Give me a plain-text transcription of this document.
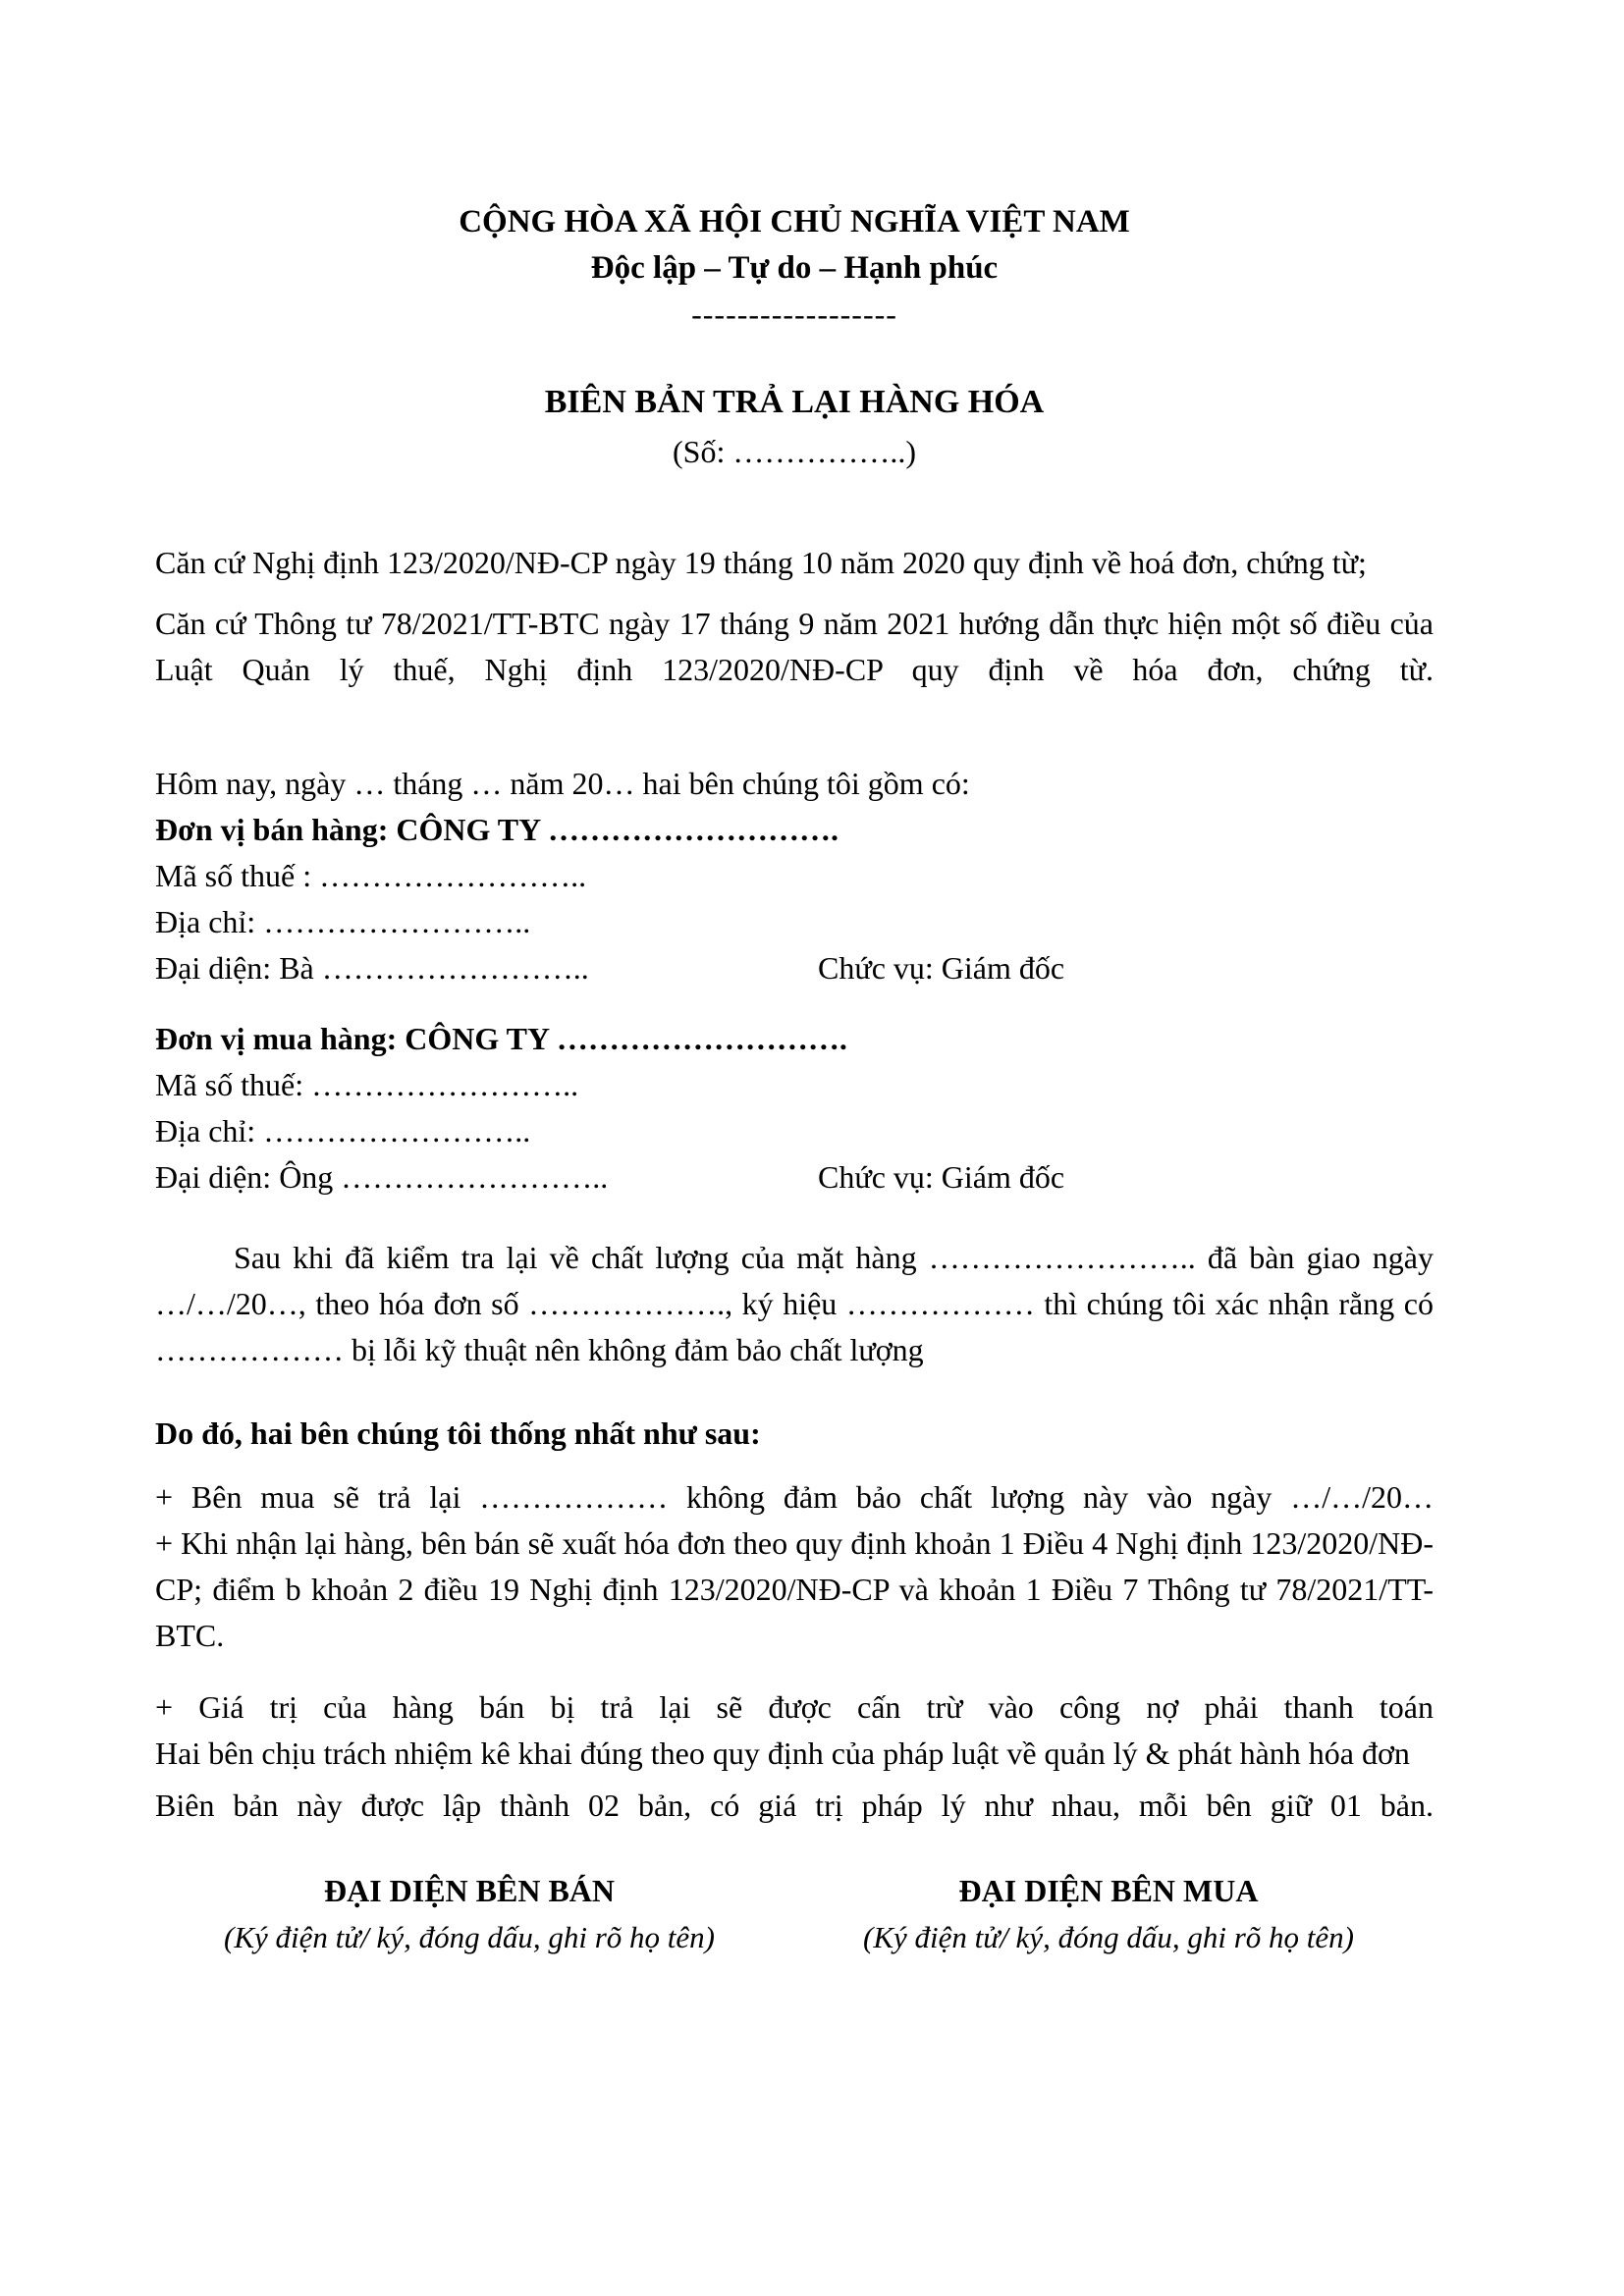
CỘNG HÒA XÃ HỘI CHỦ NGHĨA VIỆT NAM
Độc lập – Tự do – Hạnh phúc
------------------
BIÊN BẢN TRẢ LẠI HÀNG HÓA
(Số: ……………..)

Căn cứ Nghị định 123/2020/NĐ-CP ngày 19 tháng 10 năm 2020 quy định về hoá đơn, chứng từ;

Căn cứ Thông tư 78/2021/TT-BTC ngày 17 tháng 9 năm 2021 hướng dẫn thực hiện một số điều của Luật Quản lý thuế, Nghị định 123/2020/NĐ-CP quy định về hóa đơn, chứng từ.

Hôm nay, ngày … tháng … năm 20… hai bên chúng tôi gồm có:
Đơn vị bán hàng: CÔNG TY ……………………….
Mã số thuế : ……………………..
Địa chỉ: ……………………..
Đại diện: Bà ……………………..	Chức vụ: Giám đốc
Đơn vị mua hàng: CÔNG TY ……………………….
Mã số thuế: ……………………..
Địa chỉ: ……………………..
Đại diện: Ông ……………………..	Chức vụ: Giám đốc

Sau khi đã kiểm tra lại về chất lượng của mặt hàng …………………….. đã bàn giao ngày …/…/20…, theo hóa đơn số ………………., ký hiệu ……………… thì chúng tôi xác nhận rằng có ……………… bị lỗi kỹ thuật nên không đảm bảo chất lượng

Do đó, hai bên chúng tôi thống nhất như sau:

+ Bên mua sẽ trả lại ……………… không đảm bảo chất lượng này vào ngày …/…/20…

+ Khi nhận lại hàng, bên bán sẽ xuất hóa đơn theo quy định khoản 1 Điều 4 Nghị định 123/2020/NĐ-CP; điểm b khoản 2 điều 19 Nghị định 123/2020/NĐ-CP và khoản 1 Điều 7 Thông tư 78/2021/TT-BTC.

+ Giá trị của hàng bán bị trả lại sẽ được cấn trừ vào công nợ phải thanh toán

Hai bên chịu trách nhiệm kê khai đúng theo quy định của pháp luật về quản lý & phát hành hóa đơn

Biên bản này được lập thành 02 bản, có giá trị pháp lý như nhau, mỗi bên giữ 01 bản.

ĐẠI DIỆN BÊN BÁN
(Ký điện tử/ ký, đóng dấu, ghi rõ họ tên)
ĐẠI DIỆN BÊN MUA
(Ký điện tử/ ký, đóng dấu, ghi rõ họ tên)
